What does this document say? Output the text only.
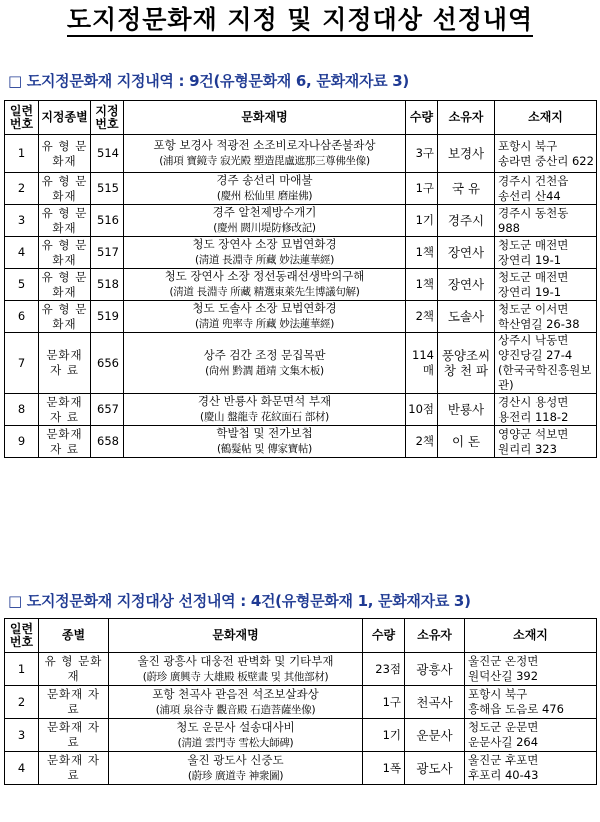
도지정문화재 지정 및 지정대상 선정내역
□ 도지정문화재 지정내역 : 9건(유형문화재 6, 문화재자료 3)
일련번호	지정종별	지정번호	문화재명	수량	소유자	소재지
1	유 형 문화재	514	포항 보경사 적광전 소조비로자나삼존불좌상
(浦項 寶鏡寺 寂光殿 塑造毘盧遮那三尊佛坐像)	3구	보경사	포항시 북구
송라면 중산리 622
2	유 형 문화재	515	경주 송선리 마애불
(慶州 松仙里 磨崖佛)	1구	국 유	경주시 건천읍
송선리 산44
3	유 형 문화재	516	경주 알천제방수개기
(慶州 閼川堤防修改記)	1기	경주시	경주시 동천동
988
4	유 형 문화재	517	청도 장연사 소장 묘법연화경
(淸道 長淵寺 所藏 妙法蓮華經)	1책	장연사	청도군 매전면
장연리 19-1
5	유 형 문화재	518	청도 장연사 소장 정선동래선생박의구해
(淸道 長淵寺 所藏 精選東萊先生博議句解)	1책	장연사	청도군 매전면
장연리 19-1
6	유 형 문화재	519	청도 도솔사 소장 묘법연화경
(淸道 兜率寺 所藏 妙法蓮華經)	2책	도솔사	청도군 이서면
학산염길 26-38
7	문화재 자 료	656	상주 검간 조정 문집목판
(尙州 黔澗 趙靖 文集木板)	114매	풍양조씨 창 천 파	상주시 낙동면
양진당길 27-4
(한국국학진흥원보관)
8	문화재 자 료	657	경산 반룡사 화문면석 부재
(慶山 盤龍寺 花紋面石 部材)	10점	반룡사	경산시 용성면
용전리 118-2
9	문화재 자 료	658	학발첩 및 전가보첩
(鶴髮帖 및 傳家寶帖)	2책	이 돈	영양군 석보면
원리리 323
□ 도지정문화재 지정대상 선정내역 : 4건(유형문화재 1, 문화재자료 3)
일련번호	종별	문화재명	수량	소유자	소재지
1	유 형 문화재	울진 광흥사 대웅전 판벽화 및 기타부재
(蔚珍 廣興寺 大雄殿 板壁畫 및 其他部材)	23점	광흥사	울진군 온정면
원덕산길 392
2	문화재 자 료	포항 천곡사 관음전 석조보살좌상
(浦項 泉谷寺 觀音殿 石造菩薩坐像)	1구	천곡사	포항시 북구
흥해읍 도음로 476
3	문화재 자 료	청도 운문사 설송대사비
(淸道 雲門寺 雪松大師碑)	1기	운문사	청도군 운문면
운문사길 264
4	문화재 자 료	울진 광도사 신중도
(蔚珍 廣道寺 神衆圖)	1폭	광도사	울진군 후포면
후포리 40-43
